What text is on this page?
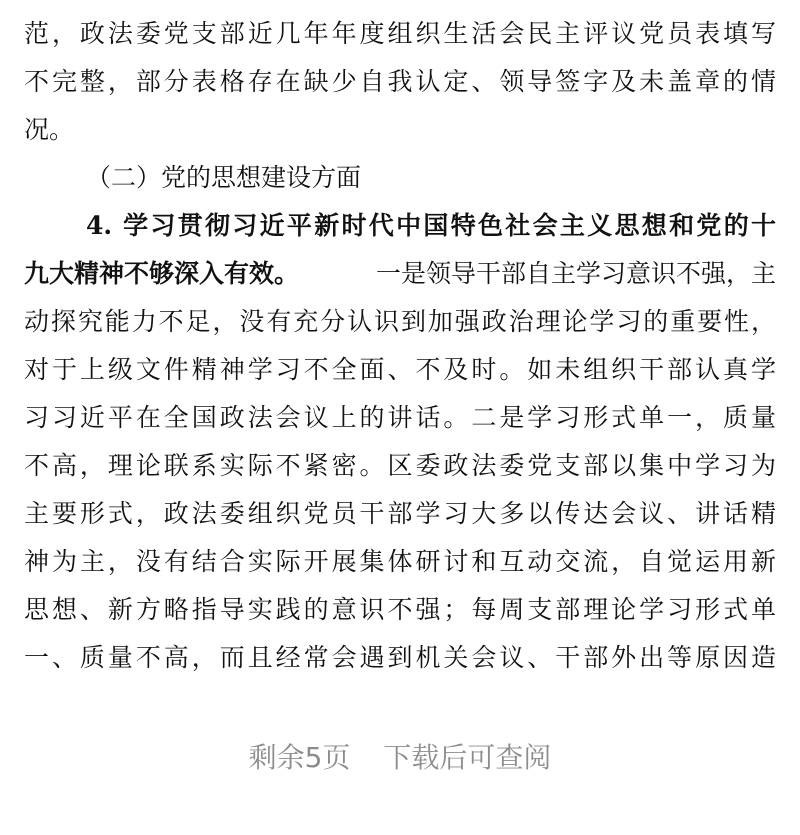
范，政法委党支部近几年年度组织生活会民主评议党员表填写
不完整，部分表格存在缺少自我认定、领导签字及未盖章的情
况。
（二）党的思想建设方面
4. 学习贯彻习近平新时代中国特色社会主义思想和党的十
九大精神不够深入有效。	一是领导干部自主学习意识不强，主
动探究能力不足，没有充分认识到加强政治理论学习的重要性，
对于上级文件精神学习不全面、不及时。如未组织干部认真学
习习近平在全国政法会议上的讲话。二是学习形式单一，质量
不高，理论联系实际不紧密。区委政法委党支部以集中学习为
主要形式，政法委组织党员干部学习大多以传达会议、讲话精
神为主，没有结合实际开展集体研讨和互动交流，自觉运用新
思想、新方略指导实践的意识不强；每周支部理论学习形式单
一、质量不高，而且经常会遇到机关会议、干部外出等原因造
剩余5页 下载后可查阅
